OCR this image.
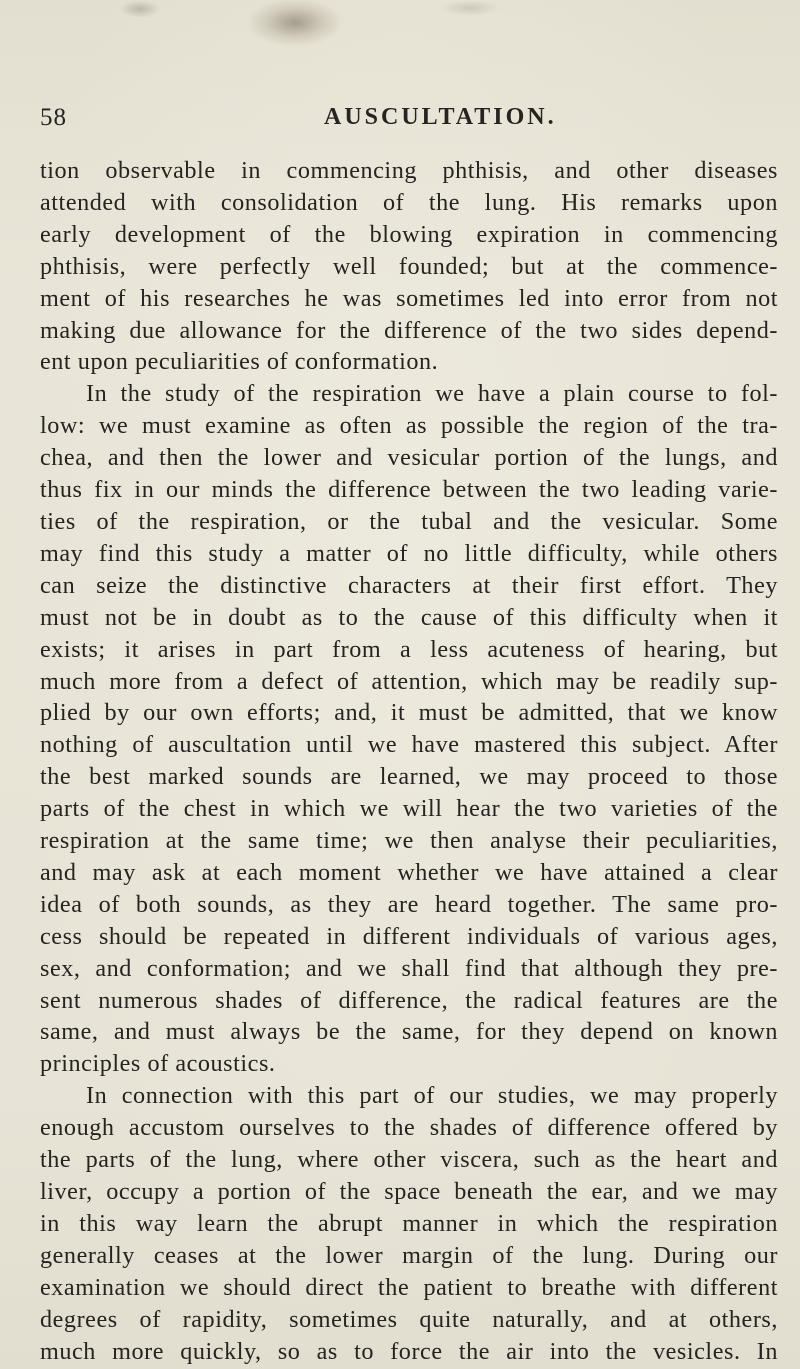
58	AUSCULTATION.

tion observable in commencing phthisis, and other diseases
attended with consolidation of the lung. His remarks upon
early development of the blowing expiration in commencing
phthisis, were perfectly well founded; but at the commence-
ment of his researches he was sometimes led into error from not
making due allowance for the difference of the two sides depend-
ent upon peculiarities of conformation.

In the study of the respiration we have a plain course to fol-
low: we must examine as often as possible the region of the tra-
chea, and then the lower and vesicular portion of the lungs, and
thus fix in our minds the difference between the two leading varie-
ties of the respiration, or the tubal and the vesicular. Some
may find this study a matter of no little difficulty, while others
can seize the distinctive characters at their first effort. They
must not be in doubt as to the cause of this difficulty when it
exists; it arises in part from a less acuteness of hearing, but
much more from a defect of attention, which may be readily sup-
plied by our own efforts; and, it must be admitted, that we know
nothing of auscultation until we have mastered this subject. After
the best marked sounds are learned, we may proceed to those
parts of the chest in which we will hear the two varieties of the
respiration at the same time; we then analyse their peculiarities,
and may ask at each moment whether we have attained a clear
idea of both sounds, as they are heard together. The same pro-
cess should be repeated in different individuals of various ages,
sex, and conformation; and we shall find that although they pre-
sent numerous shades of difference, the radical features are the
same, and must always be the same, for they depend on known
principles of acoustics.

In connection with this part of our studies, we may properly
enough accustom ourselves to the shades of difference offered by
the parts of the lung, where other viscera, such as the heart and
liver, occupy a portion of the space beneath the ear, and we may
in this way learn the abrupt manner in which the respiration
generally ceases at the lower margin of the lung. During our
examination we should direct the patient to breathe with different
degrees of rapidity, sometimes quite naturally, and at others,
much more quickly, so as to force the air into the vesicles. In
